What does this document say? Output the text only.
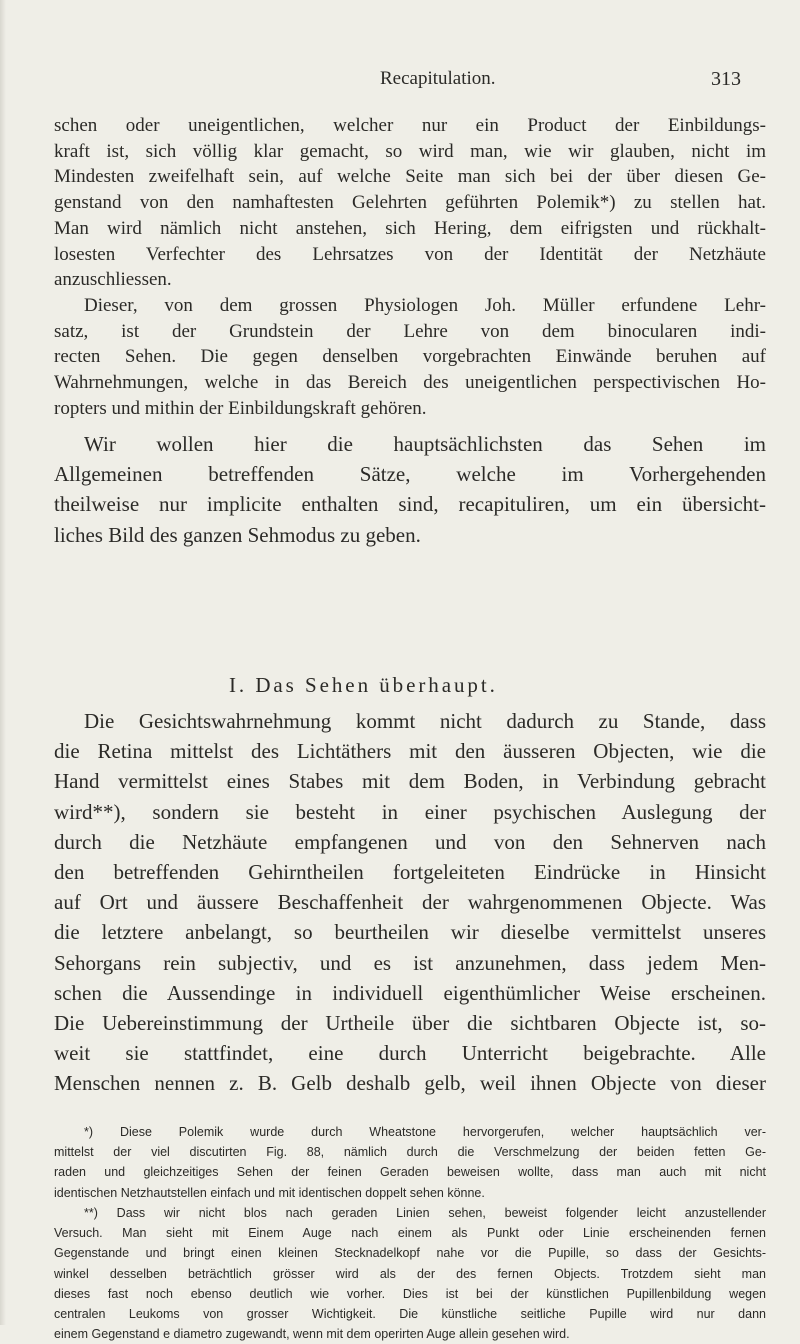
Recapitulation.	313

schen oder uneigentlichen, welcher nur ein Product der Einbildungs-

kraft ist, sich völlig klar gemacht, so wird man, wie wir glauben, nicht im

Mindesten zweifelhaft sein, auf welche Seite man sich bei der über diesen Ge-

genstand von den namhaftesten Gelehrten geführten Polemik*) zu stellen hat.

Man wird nämlich nicht anstehen, sich Hering, dem eifrigsten und rückhalt-

losesten Verfechter des Lehrsatzes von der Identität der Netzhäute

anzuschliessen.

Dieser, von dem grossen Physiologen Joh. Müller erfundene Lehr-

satz, ist der Grundstein der Lehre von dem binocularen indi-

recten Sehen. Die gegen denselben vorgebrachten Einwände beruhen auf

Wahrnehmungen, welche in das Bereich des uneigentlichen perspectivischen Ho-

ropters und mithin der Einbildungskraft gehören.

Wir wollen hier die hauptsächlichsten das Sehen im

Allgemeinen betreffenden Sätze, welche im Vorhergehenden

theilweise nur implicite enthalten sind, recapituliren, um ein übersicht-

liches Bild des ganzen Sehmodus zu geben.

I. Das Sehen überhaupt.

Die Gesichtswahrnehmung kommt nicht dadurch zu Stande, dass

die Retina mittelst des Lichtäthers mit den äusseren Objecten, wie die

Hand vermittelst eines Stabes mit dem Boden, in Verbindung gebracht

wird**), sondern sie besteht in einer psychischen Auslegung der

durch die Netzhäute empfangenen und von den Sehnerven nach

den betreffenden Gehirntheilen fortgeleiteten Eindrücke in Hinsicht

auf Ort und äussere Beschaffenheit der wahrgenommenen Objecte. Was

die letztere anbelangt, so beurtheilen wir dieselbe vermittelst unseres

Sehorgans rein subjectiv, und es ist anzunehmen, dass jedem Men-

schen die Aussendinge in individuell eigenthümlicher Weise erscheinen.

Die Uebereinstimmung der Urtheile über die sichtbaren Objecte ist, so-

weit sie stattfindet, eine durch Unterricht beigebrachte. Alle

Menschen nennen z. B. Gelb deshalb gelb, weil ihnen Objecte von dieser

*) Diese Polemik wurde durch Wheatstone hervorgerufen, welcher hauptsächlich ver-

mittelst der viel discutirten Fig. 88, nämlich durch die Verschmelzung der beiden fetten Ge-

raden und gleichzeitiges Sehen der feinen Geraden beweisen wollte, dass man auch mit nicht

identischen Netzhautstellen einfach und mit identischen doppelt sehen könne.

**) Dass wir nicht blos nach geraden Linien sehen, beweist folgender leicht anzustellender

Versuch. Man sieht mit Einem Auge nach einem als Punkt oder Linie erscheinenden fernen

Gegenstande und bringt einen kleinen Stecknadelkopf nahe vor die Pupille, so dass der Gesichts-

winkel desselben beträchtlich grösser wird als der des fernen Objects. Trotzdem sieht man

dieses fast noch ebenso deutlich wie vorher. Dies ist bei der künstlichen Pupillenbildung wegen

centralen Leukoms von grosser Wichtigkeit. Die künstliche seitliche Pupille wird nur dann

einem Gegenstand e diametro zugewandt, wenn mit dem operirten Auge allein gesehen wird.
